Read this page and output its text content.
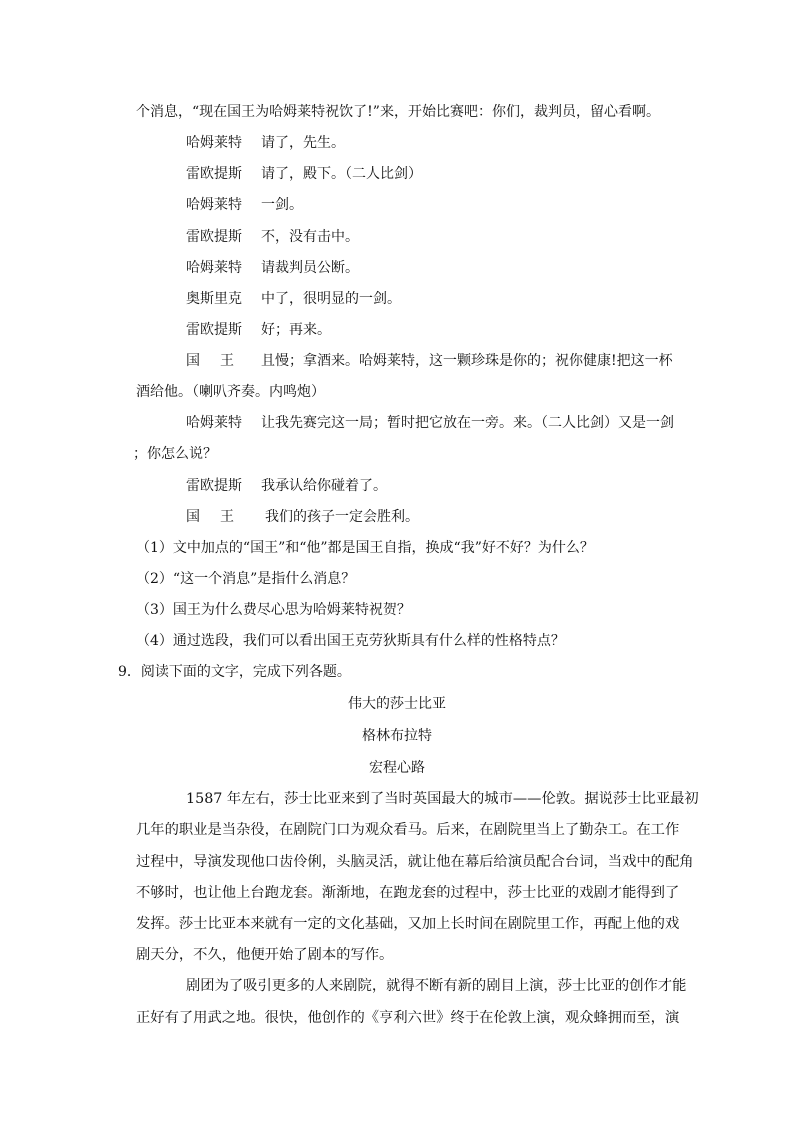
个消息，“现在国王为哈姆莱特祝饮了!”来，开始比赛吧：你们，裁判员，留心看啊。
哈姆莱特 请了，先生。
雷欧提斯 请了，殿下。（二人比剑）
哈姆莱特 一剑。
雷欧提斯 不，没有击中。
哈姆莱特 请裁判员公断。
奥斯里克 中了，很明显的一剑。
雷欧提斯 好；再来。
国王 且慢；拿酒来。哈姆莱特，这一颗珍珠是你的；祝你健康!把这一杯
酒给他。（喇叭齐奏。内鸣炮）
哈姆莱特 让我先赛完这一局；暂时把它放在一旁。来。（二人比剑）又是一剑
；你怎么说？
雷欧提斯 我承认给你碰着了。
国王 我们的孩子一定会胜利。
（1）文中加点的“国王”和“他”都是国王自指，换成“我”好不好？为什么？
（2）“这一个消息”是指什么消息？
（3）国王为什么费尽心思为哈姆莱特祝贺？
（4）通过选段，我们可以看出国王克劳狄斯具有什么样的性格特点？
9．阅读下面的文字，完成下列各题。
伟大的莎士比亚
格林布拉特
宏程心路
1587 年左右，莎士比亚来到了当时英国最大的城市——伦敦。据说莎士比亚最初
几年的职业是当杂役，在剧院门口为观众看马。后来，在剧院里当上了勤杂工。在工作
过程中，导演发现他口齿伶俐，头脑灵活，就让他在幕后给演员配合台词，当戏中的配角
不够时，也让他上台跑龙套。渐渐地，在跑龙套的过程中，莎士比亚的戏剧才能得到了
发挥。莎士比亚本来就有一定的文化基础，又加上长时间在剧院里工作，再配上他的戏
剧天分，不久，他便开始了剧本的写作。
剧团为了吸引更多的人来剧院，就得不断有新的剧目上演，莎士比亚的创作才能
正好有了用武之地。很快，他创作的《亨利六世》终于在伦敦上演，观众蜂拥而至，演
